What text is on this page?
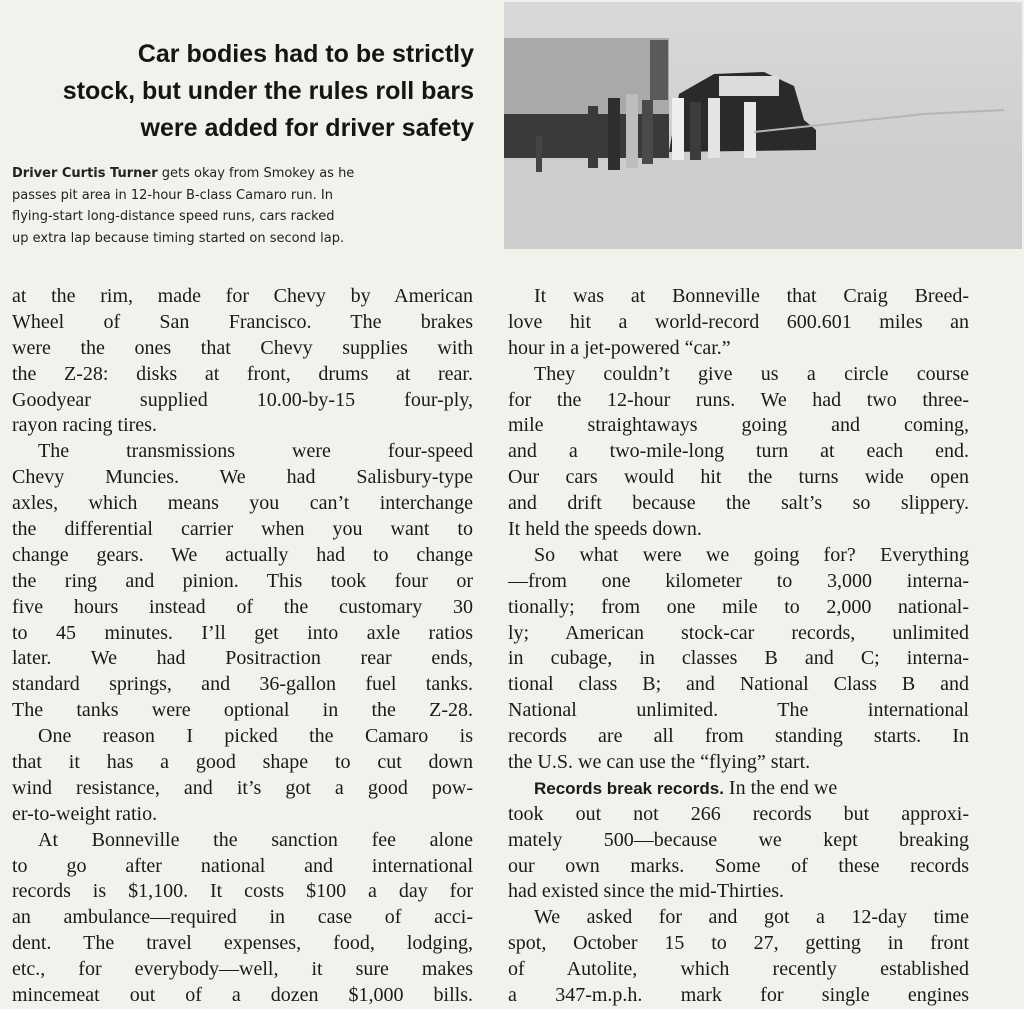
Car bodies had to be strictly
stock, but under the rules roll bars
were added for driver safety
Driver Curtis Turner gets okay from Smokey as he
passes pit area in 12-hour B-class Camaro run. In
flying-start long-distance speed runs, cars racked
up extra lap because timing started on second lap.
at the rim, made for Chevy by American
Wheel of San Francisco. The brakes
were the ones that Chevy supplies with
the Z-28: disks at front, drums at rear.
Goodyear supplied 10.00-by-15 four-ply,
rayon racing tires.
The transmissions were four-speed
Chevy Muncies. We had Salisbury-type
axles, which means you can’t interchange
the differential carrier when you want to
change gears. We actually had to change
the ring and pinion. This took four or
five hours instead of the customary 30
to 45 minutes. I’ll get into axle ratios
later. We had Positraction rear ends,
standard springs, and 36-gallon fuel tanks.
The tanks were optional in the Z-28.
One reason I picked the Camaro is
that it has a good shape to cut down
wind resistance, and it’s got a good pow-
er-to-weight ratio.
At Bonneville the sanction fee alone
to go after national and international
records is $1,100. It costs $100 a day for
an ambulance—required in case of acci-
dent. The travel expenses, food, lodging,
etc., for everybody—well, it sure makes
mincemeat out of a dozen $1,000 bills.
It was at Bonneville that Craig Breed-
love hit a world-record 600.601 miles an
hour in a jet-powered “car.”
They couldn’t give us a circle course
for the 12-hour runs. We had two three-
mile straightaways going and coming,
and a two-mile-long turn at each end.
Our cars would hit the turns wide open
and drift because the salt’s so slippery.
It held the speeds down.
So what were we going for? Everything
—from one kilometer to 3,000 interna-
tionally; from one mile to 2,000 national-
ly; American stock-car records, unlimited
in cubage, in classes B and C; interna-
tional class B; and National Class B and
National unlimited. The international
records are all from standing starts. In
the U.S. we can use the “flying” start.
Records break records. In the end we
took out not 266 records but approxi-
mately 500—because we kept breaking
our own marks. Some of these records
had existed since the mid-Thirties.
We asked for and got a 12-day time
spot, October 15 to 27, getting in front
of Autolite, which recently established
a 347-m.p.h. mark for single engines
